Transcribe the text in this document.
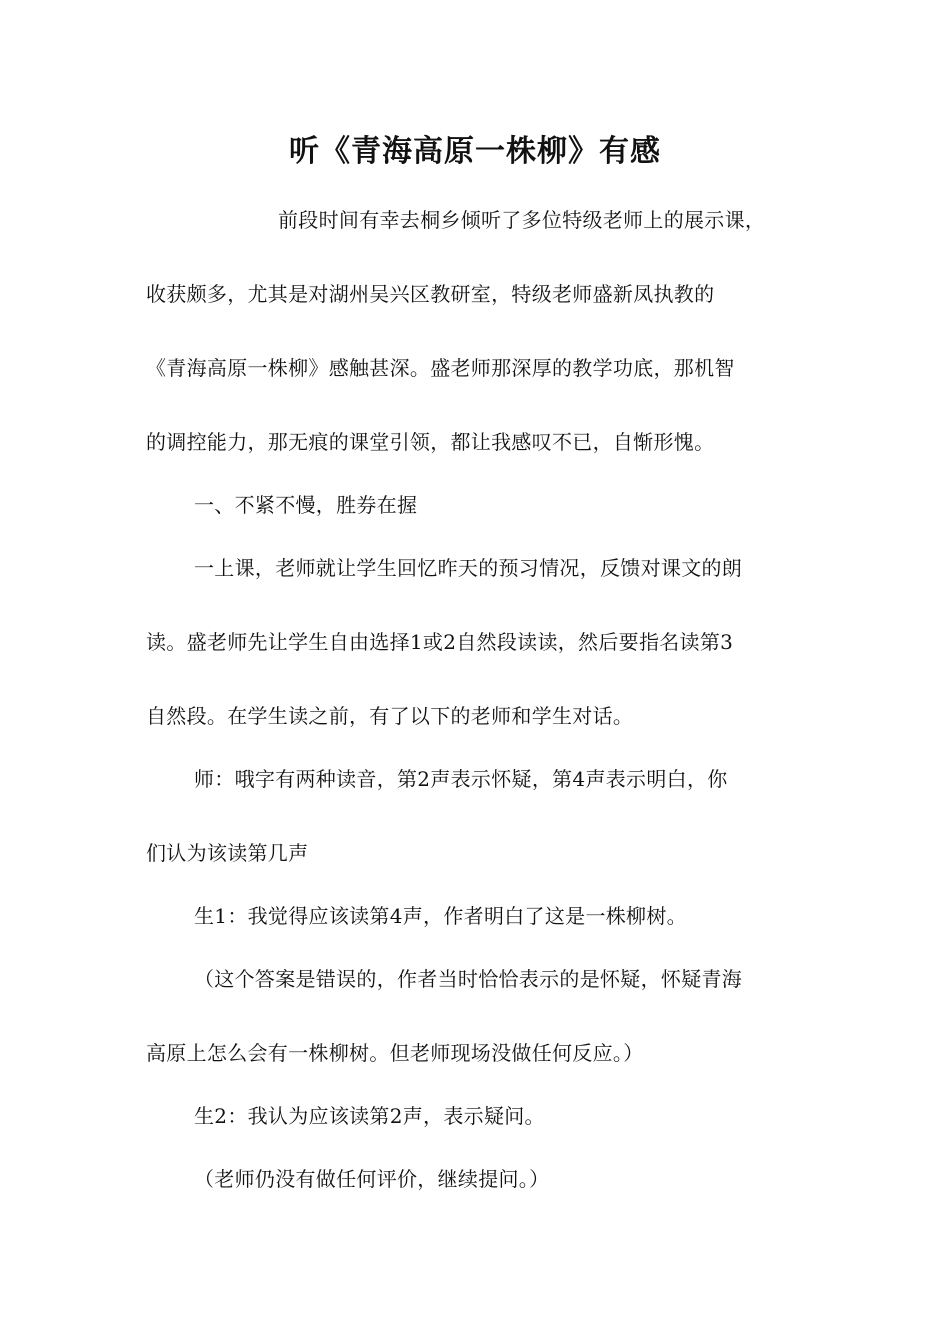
听《青海高原一株柳》有感
前段时间有幸去桐乡倾听了多位特级老师上的展示课，
收获颇多，尤其是对湖州吴兴区教研室，特级老师盛新凤执教的
《青海高原一株柳》感触甚深。盛老师那深厚的教学功底，那机智
的调控能力，那无痕的课堂引领，都让我感叹不已，自惭形愧。
一、不紧不慢，胜券在握
一上课，老师就让学生回忆昨天的预习情况，反馈对课文的朗
读。盛老师先让学生自由选择1或2自然段读读，然后要指名读第3
自然段。在学生读之前，有了以下的老师和学生对话。
师：哦字有两种读音，第2声表示怀疑，第4声表示明白，你
们认为该读第几声
生1：我觉得应该读第4声，作者明白了这是一株柳树。
（这个答案是错误的，作者当时恰恰表示的是怀疑，怀疑青海
高原上怎么会有一株柳树。但老师现场没做任何反应。）
生2：我认为应该读第2声，表示疑问。
（老师仍没有做任何评价，继续提问。）
